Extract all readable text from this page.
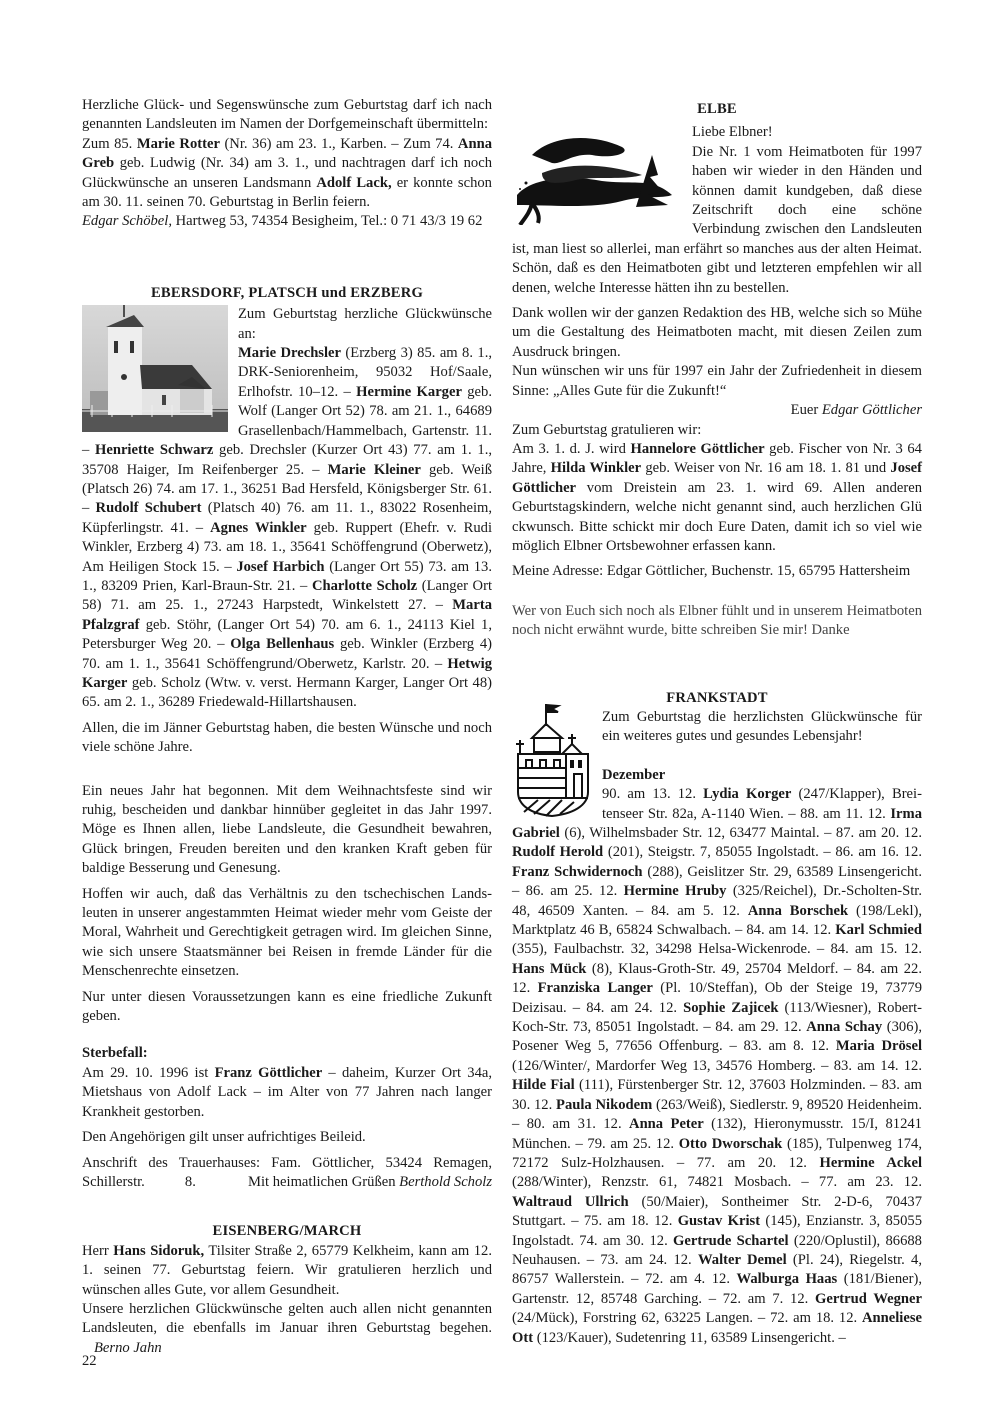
Herzliche Glück- und Segenswünsche zum Geburtstag darf ich nach genannten Landsleuten im Namen der Dorfgemeinschaft übermitteln:

Zum 85. Marie Rotter (Nr. 36) am 23. 1., Karben. – Zum 74. Anna Greb geb. Ludwig (Nr. 34) am 3. 1., und nachtragen darf ich noch Glückwünsche an unseren Landsmann Adolf Lack, er konnte schon am 30. 11. seinen 70. Geburtstag in Berlin feiern.

Edgar Schöbel, Hartweg 53, 74354 Besigheim, Tel.: 0 71 43/3 19 62

EBERSDORF, PLATSCH und ERZBERG

Zum Geburtstag herzliche Glückwünsche an:

Marie Drechsler (Erzberg 3) 85. am 8. 1., DRK-Seniorenheim, 95032 Hof/Saale, Erlhofstr. 10–12. – Hermine Karger geb. Wolf (Langer Ort 52) 78. am 21. 1., 64689 Grasellenbach/Hammelbach, Gartenstr. 11. – Henriette Schwarz geb. Drechsler (Kurzer Ort 43) 77. am 1. 1., 35708 Haiger, Im Reifenberger 25. – Marie Kleiner geb. Weiß (Platsch 26) 74. am 17. 1., 36251 Bad Hersfeld, Königsberger Str. 61. – Rudolf Schubert (Platsch 40) 76. am 11. 1., 83022 Rosenheim, Küpferlingstr. 41. – Agnes Winkler geb. Ruppert (Ehefr. v. Rudi Winkler, Erzberg 4) 73. am 18. 1., 35641 Schöffengrund (Oberwetz), Am Heiligen Stock 15. – Josef Harbich (Langer Ort 55) 73. am 13. 1., 83209 Prien, Karl-Braun-Str. 21. – Charlotte Scholz (Langer Ort 58) 71. am 25. 1., 27243 Harpstedt, Winkelstett 27. – Marta Pfalzgraf geb. Stöhr, (Langer Ort 54) 70. am 6. 1., 24113 Kiel 1, Petersburger Weg 20. – Olga Bellenhaus geb. Winkler (Erzberg 4) 70. am 1. 1., 35641 Schöffengrund/Oberwetz, Karlstr. 20. – Hetwig Karger geb. Scholz (Wtw. v. verst. Hermann Karger, Langer Ort 48) 65. am 2. 1., 36289 Friedewald-Hillartshausen.

Allen, die im Jänner Geburtstag haben, die besten Wünsche und noch viele schöne Jahre.

Ein neues Jahr hat begonnen. Mit dem Weihnachtsfeste sind wir ruhig, bescheiden und dankbar hinnüber gegleitet in das Jahr 1997. Möge es Ihnen allen, liebe Landsleute, die Gesundheit bewahren, Glück bringen, Freuden bereiten und den kranken Kraft geben für baldige Besserung und Genesung.

Hoffen wir auch, daß das Verhältnis zu den tschechischen Landsleuten in unserer angestammten Heimat wieder mehr vom Geiste der Moral, Wahrheit und Gerechtigkeit getragen wird. Im gleichen Sinne, wie sich unsere Staatsmänner bei Reisen in fremde Länder für die Menschenrechte einsetzen.

Nur unter diesen Voraussetzungen kann es eine friedliche Zukunft geben.

Sterbefall:

Am 29. 10. 1996 ist Franz Göttlicher – daheim, Kurzer Ort 34a, Mietshaus von Adolf Lack – im Alter von 77 Jahren nach langer Krankheit gestorben.

Den Angehörigen gilt unser aufrichtiges Beileid.

Anschrift des Trauerhauses: Fam. Göttlicher, 53424 Remagen, Schillerstr. 8.

	Mit heimatlichen Grüßen Berthold Scholz

EISENBERG/MARCH

Herr Hans Sidoruk, Tilsiter Straße 2, 65779 Kelkheim, kann am 12. 1. seinen 77. Geburtstag feiern. Wir gratulieren herzlich und wünschen alles Gute, vor allem Gesundheit.

Unsere herzlichen Glückwünsche gelten auch allen nicht genannten Landsleuten, die ebenfalls im Januar ihren Geburtstag begehen.

Berno Jahn

ELBE

Liebe Elbner!

Die Nr. 1 vom Heimatboten für 1997 haben wir wieder in den Händen und können damit kundgeben, daß diese Zeitschrift doch eine schöne Verbindung zwischen den Landsleuten ist, man liest so allerlei, man erfährt so manches aus der alten Heimat. Schön, daß es den Heimatboten gibt und letzteren empfehlen wir all denen, welche Interesse hätten ihn zu bestellen.

Dank wollen wir der ganzen Redaktion des HB, welche sich so Mühe um die Gestaltung des Heimatboten macht, mit diesen Zeilen zum Ausdruck bringen.

Nun wünschen wir uns für 1997 ein Jahr der Zufriedenheit in diesem Sinne: „Alles Gute für die Zukunft!“

Euer Edgar Göttlicher

Zum Geburtstag gratulieren wir:

Am 3. 1. d. J. wird Hannelore Göttlicher geb. Fischer von Nr. 3 64 Jahre, Hilda Winkler geb. Weiser von Nr. 16 am 18. 1. 81 und Josef Göttlicher vom Dreistein am 23. 1. wird 69. Allen anderen Geburtstagskindern, welche nicht genannt sind, auch herzlichen Glü ckwunsch. Bitte schickt mir doch Eure Daten, damit ich so viel wie möglich Elbner Ortsbewohner erfassen kann.

Meine Adresse: Edgar Göttlicher, Buchenstr. 15, 65795 Hattersheim

Wer von Euch sich noch als Elbner fühlt und in unserem Heimatboten noch nicht erwähnt wurde, bitte schreiben Sie mir! Danke

FRANKSTADT

Zum Geburtstag die herzlichsten Glückwünsche für ein weiteres gutes und gesundes Lebensjahr!

Dezember

90. am 13. 12. Lydia Korger (247/Klapper), Breitenseer Str. 82a, A-1140 Wien. – 88. am 11. 12. Irma Gabriel (6), Wilhelmsbader Str. 12, 63477 Maintal. – 87. am 20. 12. Rudolf Herold (201), Steigstr. 7, 85055 Ingolstadt. – 86. am 16. 12. Franz Schwidernoch (288), Geislitzer Str. 29, 63589 Linsengericht. – 86. am 25. 12. Hermine Hruby (325/Reichel), Dr.-Scholten-Str. 48, 46509 Xanten. – 84. am 5. 12. Anna Borschek (198/Lekl), Marktplatz 46 B, 65824 Schwalbach. – 84. am 14. 12. Karl Schmied (355), Faulbachstr. 32, 34298 Helsa-Wickenrode. – 84. am 15. 12. Hans Mück (8), Klaus-Groth-Str. 49, 25704 Meldorf. – 84. am 22. 12. Franziska Langer (Pl. 10/Steffan), Ob der Steige 19, 73779 Deizisau. – 84. am 24. 12. Sophie Zajicek (113/Wiesner), Robert-Koch-Str. 73, 85051 Ingolstadt. – 84. am 29. 12. Anna Schay (306), Posener Weg 5, 77656 Offenburg. – 83. am 8. 12. Maria Drösel (126/Winter/, Mardorfer Weg 13, 34576 Homberg. – 83. am 14. 12. Hilde Fial (111), Fürstenberger Str. 12, 37603 Holzminden. – 83. am 30. 12. Paula Nikodem (263/Weiß), Siedlerstr. 9, 89520 Heidenheim. – 80. am 31. 12. Anna Peter (132), Hieronymusstr. 15/I, 81241 München. – 79. am 25. 12. Otto Dworschak (185), Tulpenweg 174, 72172 Sulz-Holzhausen. – 77. am 20. 12. Hermine Ackel (288/Winter), Renzstr. 61, 74821 Mosbach. – 77. am 23. 12. Waltraud Ullrich (50/Maier), Sontheimer Str. 2-D-6, 70437 Stuttgart. – 75. am 18. 12. Gustav Krist (145), Enzianstr. 3, 85055 Ingolstadt. 74. am 30. 12. Gertrude Schartel (220/Oplustil), 86688 Neuhausen. – 73. am 24. 12. Walter Demel (Pl. 24), Riegelstr. 4, 86757 Wallerstein. – 72. am 4. 12. Walburga Haas (181/Biener), Gartenstr. 12, 85748 Garching. – 72. am 7. 12. Gertrud Wegner (24/Mück), Forstring 62, 63225 Langen. – 72. am 18. 12. Anneliese Ott (123/Kauer), Sudetenring 11, 63589 Linsengericht. –

22
